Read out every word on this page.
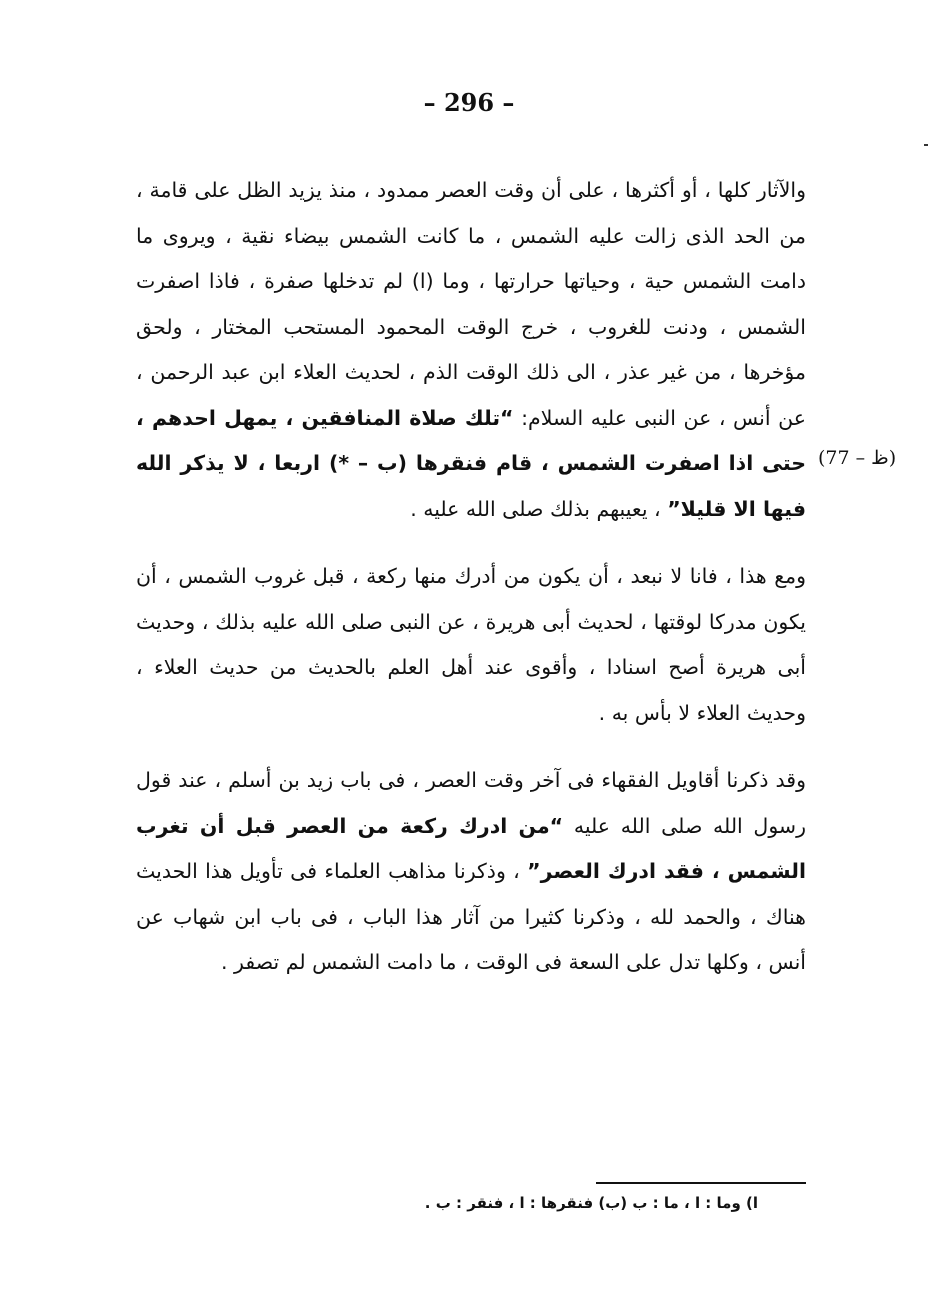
– 296 –

والآثار كلها ، أو أكثرها ، على أن وقت العصر ممدود ، منذ يزيد الظل على قامة ، من الحد الذى زالت عليه الشمس ، ما كانت الشمس بيضاء نقية ، ويروى ما دامت الشمس حية ، وحياتها حرارتها ، وما (ا) لم تدخلها صفرة ، فاذا اصفرت الشمس ، ودنت للغروب ، خرج الوقت المحمود المستحب المختار ، ولحق مؤخرها ، من غير عذر ، الى ذلك الوقت الذم ، لحديث العلاء ابن عبد الرحمن ، عن أنس ، عن النبى عليه السلام: “تلك صلاة المنافقين ، يمهل احدهم ، حتى اذا اصفرت الشمس ، قام فنقرها (ب – *) اربعا ، لا يذكر الله فيها الا قليلا” ، يعيبهم بذلك صلى الله عليه .

(77 – ظ)

ومع هذا ، فانا لا نبعد ، أن يكون من أدرك منها ركعة ، قبل غروب الشمس ، أن يكون مدركا لوقتها ، لحديث أبى هريرة ، عن النبى صلى الله عليه بذلك ، وحديث أبى هريرة أصح اسنادا ، وأقوى عند أهل العلم بالحديث من حديث العلاء ، وحديث العلاء لا بأس به .

وقد ذكرنا أقاويل الفقهاء فى آخر وقت العصر ، فى باب زيد بن أسلم ، عند قول رسول الله صلى الله عليه “من ادرك ركعة من العصر قبل أن تغرب الشمس ، فقد ادرك العصر” ، وذكرنا مذاهب العلماء فى تأويل هذا الحديث هناك ، والحمد لله ، وذكرنا كثيرا من آثار هذا الباب ، فى باب ابن شهاب عن أنس ، وكلها تدل على السعة فى الوقت ، ما دامت الشمس لم تصفر .

ا) وما : ا ، ما : ب (ب) فنقرها : ا ، فنقر : ب .
